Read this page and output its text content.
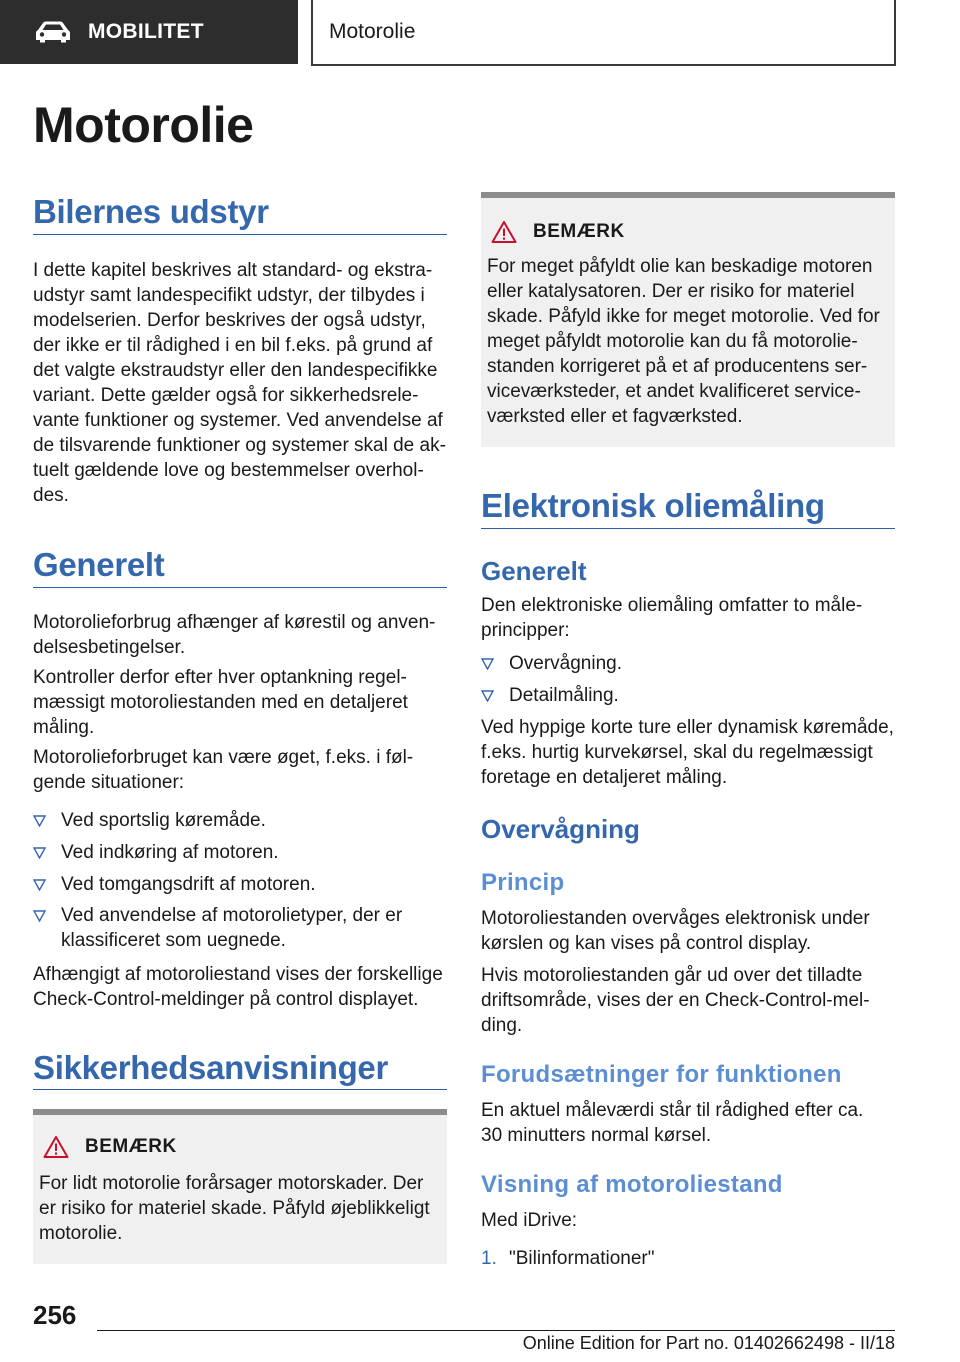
MOBILITET	Motorolie
Motorolie
Bilernes udstyr
I dette kapitel beskrives alt standard- og ekstra-
udstyr samt landespecifikt udstyr, der tilbydes i
modelserien. Derfor beskrives der også udstyr,
der ikke er til rådighed i en bil f.eks. på grund af
det valgte ekstraudstyr eller den landespecifikke
variant. Dette gælder også for sikkerhedsrele-
vante funktioner og systemer. Ved anvendelse af
de tilsvarende funktioner og systemer skal de ak-
tuelt gældende love og bestemmelser overhol-
des.
Generelt
Motorolieforbrug afhænger af kørestil og anven-
delsesbetingelser.
Kontroller derfor efter hver optankning regel-
mæssigt motoroliestanden med en detaljeret
måling.
Motorolieforbruget kan være øget, f.eks. i føl-
gende situationer:
Ved sportslig køremåde.
Ved indkøring af motoren.
Ved tomgangsdrift af motoren.
Ved anvendelse af motorolietyper, der er
klassificeret som uegnede.
Afhængigt af motoroliestand vises der forskellige
Check-Control-meldinger på control displayet.
Sikkerhedsanvisninger
BEMÆRK
For lidt motorolie forårsager motorskader. Der
er risiko for materiel skade. Påfyld øjeblikkeligt
motorolie.
BEMÆRK
For meget påfyldt olie kan beskadige motoren
eller katalysatoren. Der er risiko for materiel
skade. Påfyld ikke for meget motorolie. Ved for
meget påfyldt motorolie kan du få motorolie-
standen korrigeret på et af producentens ser-
viceværksteder, et andet kvalificeret service-
værksted eller et fagværksted.
Elektronisk oliemåling
Generelt
Den elektroniske oliemåling omfatter to måle-
principper:
Overvågning.
Detailmåling.
Ved hyppige korte ture eller dynamisk køremåde,
f.eks. hurtig kurvekørsel, skal du regelmæssigt
foretage en detaljeret måling.
Overvågning
Princip
Motoroliestanden overvåges elektronisk under
kørslen og kan vises på control display.
Hvis motoroliestanden går ud over det tilladte
driftsområde, vises der en Check-Control-mel-
ding.
Forudsætninger for funktionen
En aktuel måleværdi står til rådighed efter ca.
30 minutters normal kørsel.
Visning af motoroliestand
Med iDrive:
1. "Bilinformationer"
256
Online Edition for Part no. 01402662498 - II/18
